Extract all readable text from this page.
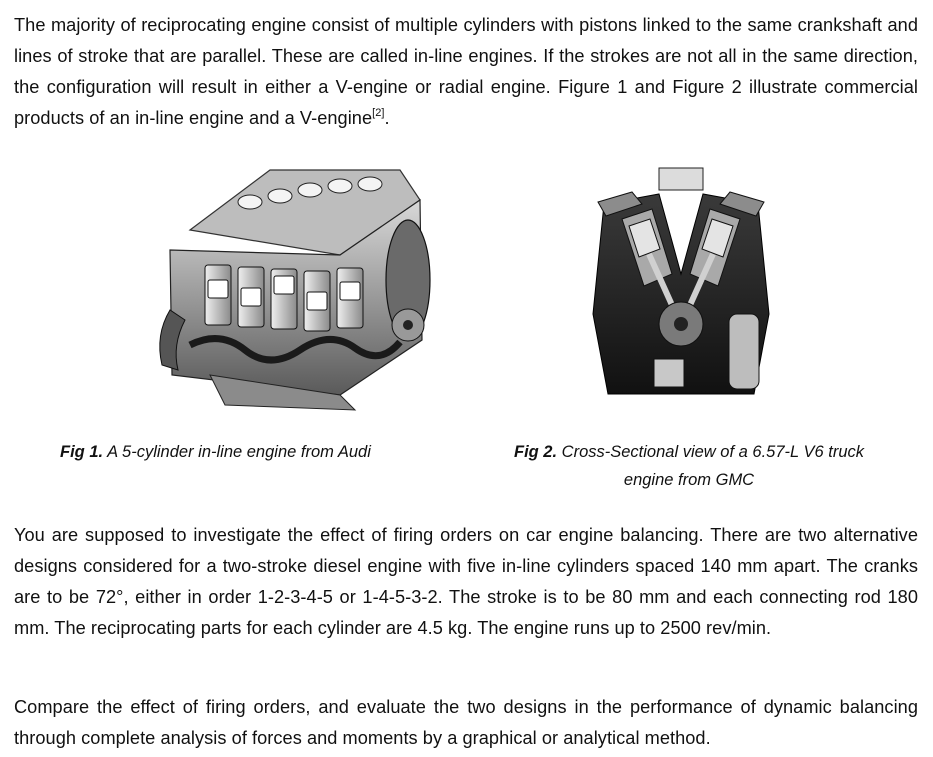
The majority of reciprocating engine consist of multiple cylinders with pistons linked to the same crankshaft and lines of stroke that are parallel. These are called in-line engines. If the strokes are not all in the same direction, the configuration will result in either a V-engine or radial engine. Figure 1 and Figure 2 illustrate commercial products of an in-line engine and a V-engine[2].

Fig 1. A 5-cylinder in-line engine from Audi	Fig 2. Cross-Sectional view of a 6.57-L V6 truck
engine from GMC

You are supposed to investigate the effect of firing orders on car engine balancing. There are two alternative designs considered for a two-stroke diesel engine with five in-line cylinders spaced 140 mm apart. The cranks are to be 72°, either in order 1-2-3-4-5 or 1-4-5-3-2. The stroke is to be 80 mm and each connecting rod 180 mm. The reciprocating parts for each cylinder are 4.5 kg. The engine runs up to 2500 rev/min.

Compare the effect of firing orders, and evaluate the two designs in the performance of dynamic balancing through complete analysis of forces and moments by a graphical or analytical method.
